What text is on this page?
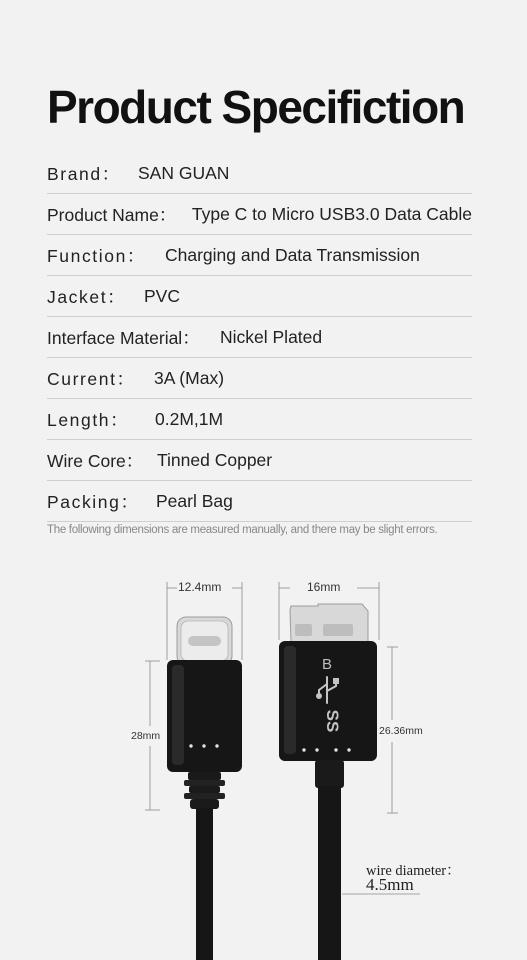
Product Specifiction
Brand： SAN GUAN
Product Name： Type C to Micro USB3.0 Data Cable
Function：	Charging and Data Transmission
Jacket：	PVC
Interface Material：	Nickel Plated
Current：	3A (Max)
Length：	0.2M,1M
Wire Core： Tinned Copper
Packing： Pearl Bag
The following dimensions are measured manually, and there may be slight errors.
B
SS
12.4mm	16mm
28mm	26.36mm
wire diameter：
4.5mm
